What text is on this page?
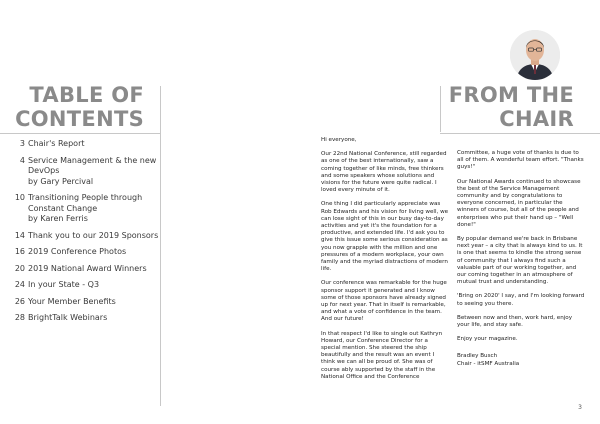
TABLE OF
CONTENTS
FROM THE
CHAIR
3 Chair's Report
4 Service Management & the new
DevOps
by Gary Percival
10 Transitioning People through
Constant Change
by Karen Ferris
14 Thank you to our 2019 Sponsors
16 2019 Conference Photos
20 2019 National Award Winners
24 In your State - Q3
26 Your Member Benefits
28 BrightTalk Webinars

Hi everyone,

Our 22nd National Conference, still regarded as one of the best internationally, saw a coming together of like minds, free thinkers and some speakers whose solutions and visions for the future were quite radical. I loved every minute of it.

One thing I did particularly appreciate was Rob Edwards and his vision for living well, we can lose sight of this in our busy day-to-day activities and yet it's the foundation for a productive, and extended life. I'd ask you to give this issue some serious consideration as you now grapple with the million and one pressures of a modern workplace, your own family and the myriad distractions of modern life.

Our conference was remarkable for the huge sponsor support it generated and I know some of those sponsors have already signed up for next year. That in itself is remarkable, and what a vote of confidence in the team. And our future!

In that respect I'd like to single out Kathryn Howard, our Conference Director for a special mention. She steered the ship beautifully and the result was an event I think we can all be proud of. She was of course ably supported by the staff in the National Office and the Conference

Committee, a huge vote of thanks is due to all of them. A wonderful team effort. "Thanks guys!"

Our National Awards continued to showcase the best of the Service Management community and by congratulations to everyone concerned, in particular the winners of course, but all of the people and enterprises who put their hand up – "Well done!"

By popular demand we're back in Brisbane next year – a city that is always kind to us. It is one that seems to kindle the strong sense of community that I always find such a valuable part of our working together, and our coming together in an atmosphere of mutual trust and understanding.

'Bring on 2020' I say, and I'm looking forward to seeing you there.

Between now and then, work hard, enjoy your life, and stay safe.

Enjoy your magazine.

Bradley Busch
Chair - itSMF Australia
3
